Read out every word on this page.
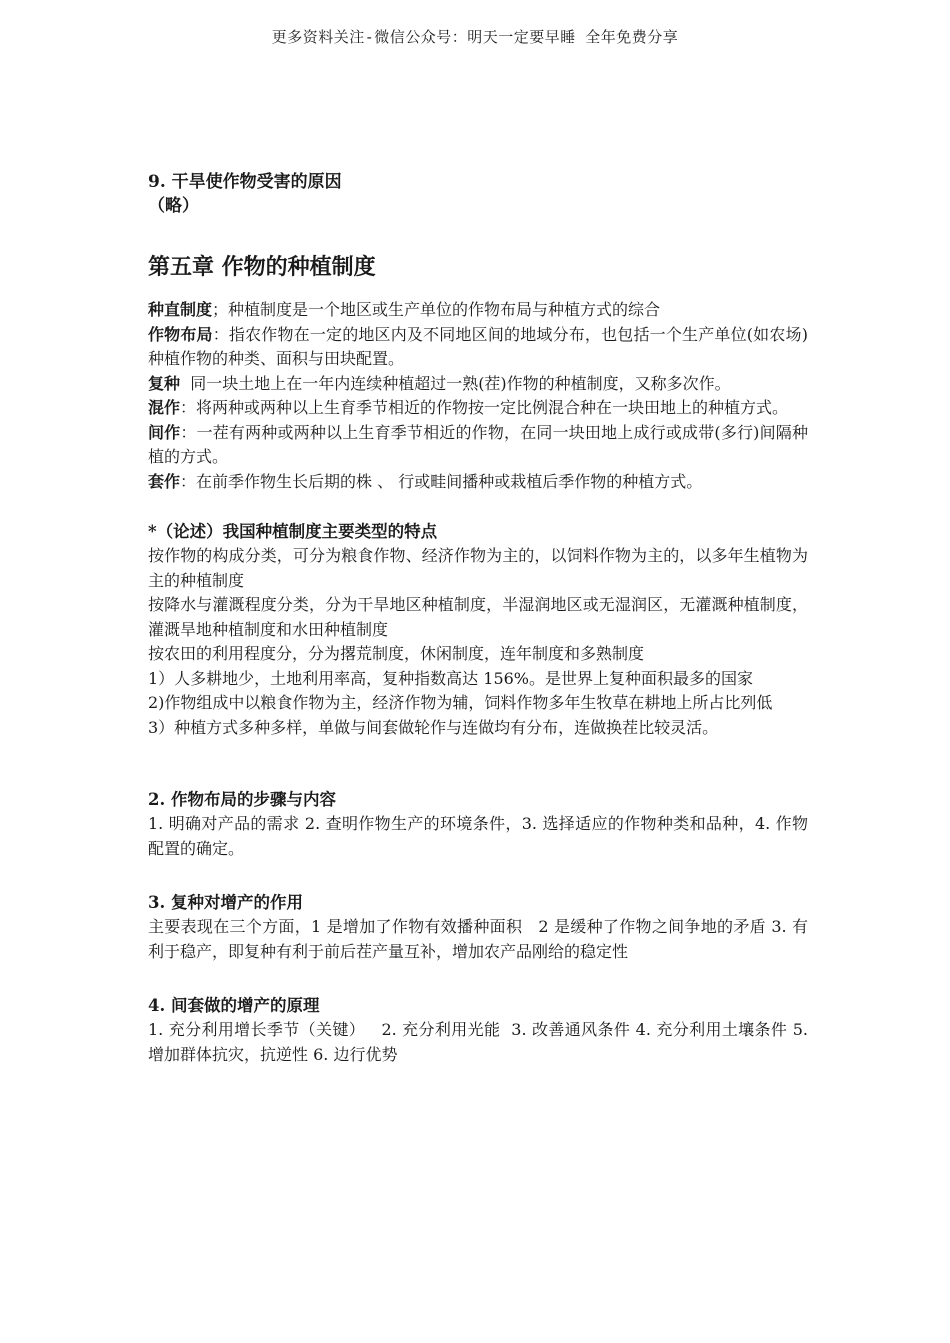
更多资料关注-微信公众号：明天一定要早睡 全年免费分享

9. 干旱使作物受害的原因

（略）

第五章 作物的种植制度

种直制度；种植制度是一个地区或生产单位的作物布局与种植方式的综合

作物布局：指农作物在一定的地区内及不同地区间的地域分布，也包括一个生产单位(如农场)种植作物的种类、面积与田块配置。

复种 同一块土地上在一年内连续种植超过一熟(茬)作物的种植制度，又称多次作。

混作：将两种或两种以上生育季节相近的作物按一定比例混合种在一块田地上的种植方式。

间作：一茬有两种或两种以上生育季节相近的作物，在同一块田地上成行或成带(多行)间隔种植的方式。

套作：在前季作物生长后期的株 、 行或畦间播种或栽植后季作物的种植方式。

*（论述）我国种植制度主要类型的特点

按作物的构成分类，可分为粮食作物、经济作物为主的，以饲料作物为主的，以多年生植物为主的种植制度

按降水与灌溉程度分类，分为干旱地区种植制度，半湿润地区或无湿润区，无灌溉种植制度，灌溉旱地种植制度和水田种植制度

按农田的利用程度分，分为撂荒制度，休闲制度，连年制度和多熟制度

1）人多耕地少，土地利用率高，复种指数高达 156%。是世界上复种面积最多的国家

2)作物组成中以粮食作物为主，经济作物为辅，饲料作物多年生牧草在耕地上所占比列低

3）种植方式多种多样，单做与间套做轮作与连做均有分布，连做换茬比较灵活。

2. 作物布局的步骤与内容

1. 明确对产品的需求 2. 查明作物生产的环境条件，3. 选择适应的作物种类和品种，4. 作物配置的确定。

3. 复种对增产的作用

主要表现在三个方面，1 是增加了作物有效播种面积   2 是缓种了作物之间争地的矛盾 3. 有利于稳产，即复种有利于前后茬产量互补，增加农产品刚给的稳定性

4. 间套做的增产的原理

1. 充分利用增长季节（关键）   2. 充分利用光能  3. 改善通风条件 4. 充分利用土壤条件 5. 增加群体抗灾，抗逆性 6. 边行优势
